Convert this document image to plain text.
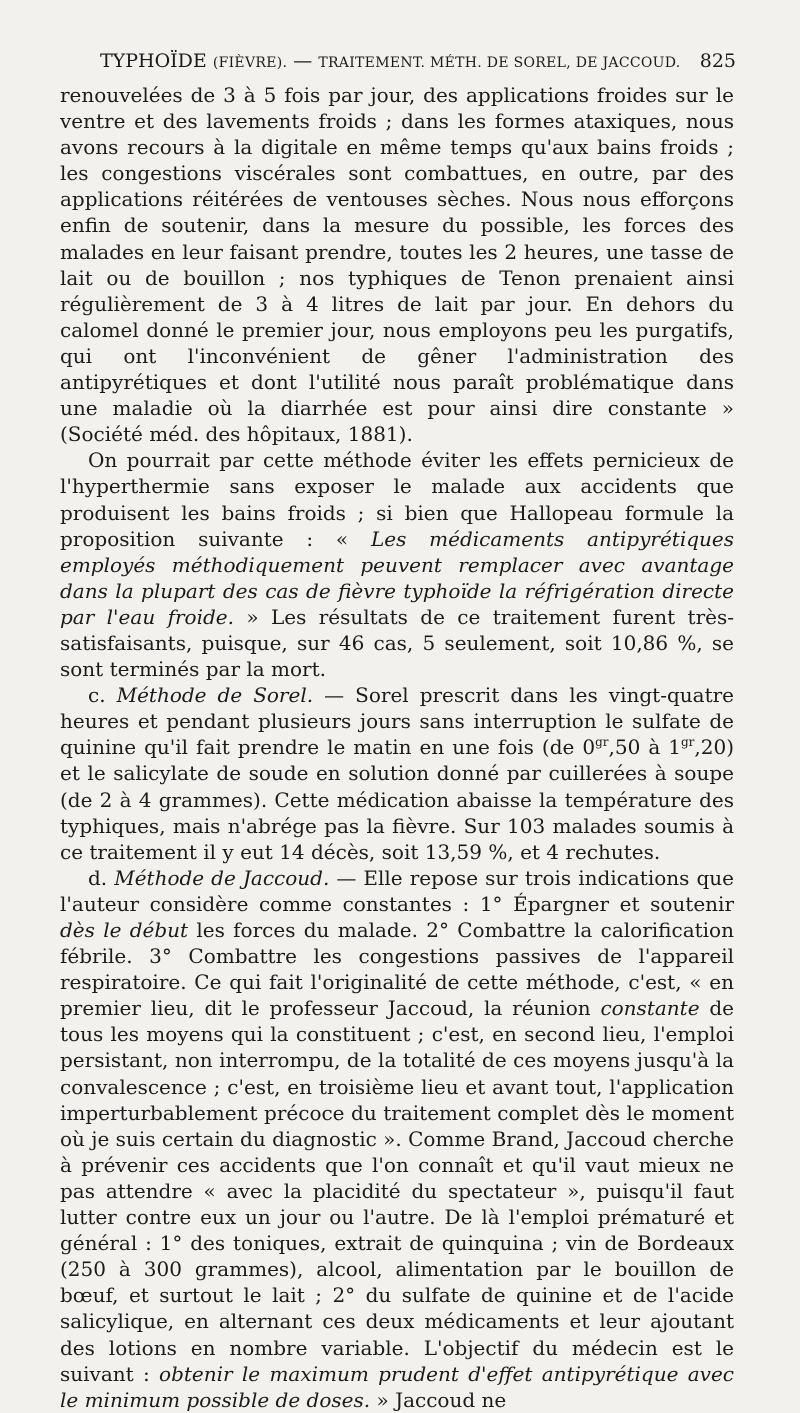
TYPHOÏDE (FIÈVRE). — TRAITEMENT. MÉTH. DE SOREL, DE JACCOUD. 825

renouvelées de 3 à 5 fois par jour, des applications froides sur le ventre et des lavements froids ; dans les formes ataxiques, nous avons recours à la digitale en même temps qu'aux bains froids ; les congestions viscérales sont combattues, en outre, par des applications réitérées de ventouses sèches. Nous nous efforçons enfin de soutenir, dans la mesure du possible, les forces des malades en leur faisant prendre, toutes les 2 heures, une tasse de lait ou de bouillon ; nos typhiques de Tenon prenaient ainsi régulièrement de 3 à 4 litres de lait par jour. En dehors du calomel donné le premier jour, nous employons peu les purgatifs, qui ont l'inconvénient de gêner l'administration des antipyrétiques et dont l'utilité nous paraît problématique dans une maladie où la diarrhée est pour ainsi dire constante » (Société méd. des hôpitaux, 1881).

On pourrait par cette méthode éviter les effets pernicieux de l'hyperthermie sans exposer le malade aux accidents que produisent les bains froids ; si bien que Hallopeau formule la proposition suivante : « Les médicaments antipyrétiques employés méthodiquement peuvent remplacer avec avantage dans la plupart des cas de fièvre typhoïde la réfrigération directe par l'eau froide. » Les résultats de ce traitement furent très-satisfaisants, puisque, sur 46 cas, 5 seulement, soit 10,86 %, se sont terminés par la mort.

c. Méthode de Sorel. — Sorel prescrit dans les vingt-quatre heures et pendant plusieurs jours sans interruption le sulfate de quinine qu'il fait prendre le matin en une fois (de $0^{gr},50$ à $1^{gr},20$) et le salicylate de soude en solution donné par cuillerées à soupe (de 2 à 4 grammes). Cette médication abaisse la température des typhiques, mais n'abrége pas la fièvre. Sur 103 malades soumis à ce traitement il y eut 14 décès, soit 13,59 %, et 4 rechutes.

d. Méthode de Jaccoud. — Elle repose sur trois indications que l'auteur considère comme constantes : 1° Épargner et soutenir dès le début les forces du malade. 2° Combattre la calorification fébrile. 3° Combattre les congestions passives de l'appareil respiratoire. Ce qui fait l'originalité de cette méthode, c'est, « en premier lieu, dit le professeur Jaccoud, la réunion constante de tous les moyens qui la constituent ; c'est, en second lieu, l'emploi persistant, non interrompu, de la totalité de ces moyens jusqu'à la convalescence ; c'est, en troisième lieu et avant tout, l'application imperturbablement précoce du traitement complet dès le moment où je suis certain du diagnostic ». Comme Brand, Jaccoud cherche à prévenir ces accidents que l'on connaît et qu'il vaut mieux ne pas attendre « avec la placidité du spectateur », puisqu'il faut lutter contre eux un jour ou l'autre. De là l'emploi prématuré et général : 1° des toniques, extrait de quinquina ; vin de Bordeaux (250 à 300 grammes), alcool, alimentation par le bouillon de bœuf, et surtout le lait ; 2° du sulfate de quinine et de l'acide salicylique, en alternant ces deux médicaments et leur ajoutant des lotions en nombre variable. L'objectif du médecin est le suivant : obtenir le maximum prudent d'effet antipyrétique avec le minimum possible de doses. » Jaccoud ne
